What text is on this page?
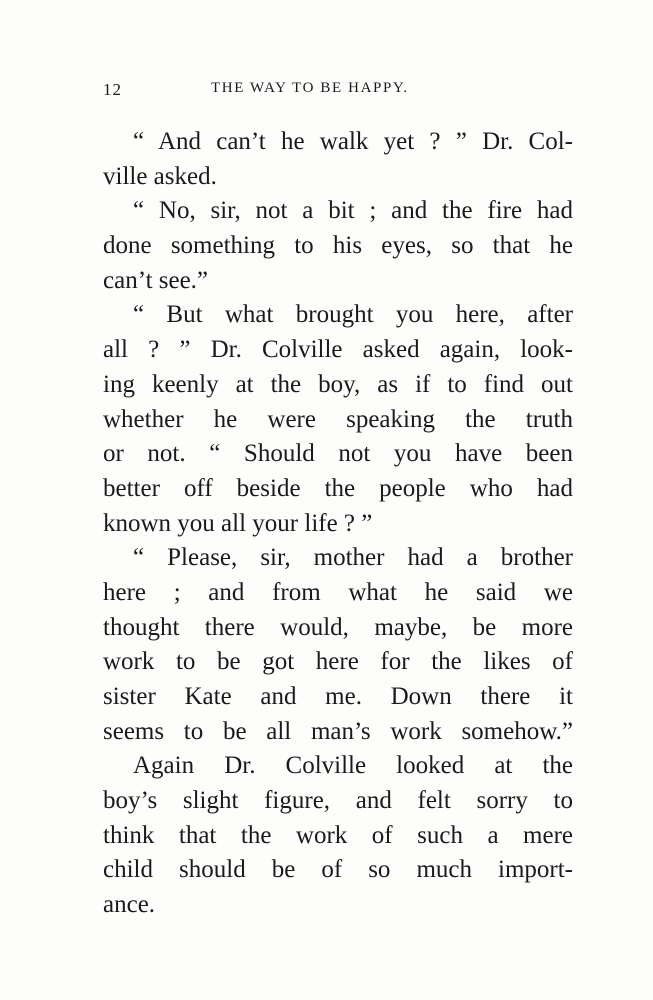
12	THE WAY TO BE HAPPY.
“ And can’t he walk yet ? ” Dr. Col-
ville asked.
“ No, sir, not a bit ; and the fire had
done something to his eyes, so that he
can’t see.”
“ But what brought you here, after
all ? ” Dr. Colville asked again, look-
ing keenly at the boy, as if to find out
whether he were speaking the truth
or not. “ Should not you have been
better off beside the people who had
known you all your life ? ”
“ Please, sir, mother had a brother
here ; and from what he said we
thought there would, maybe, be more
work to be got here for the likes of
sister Kate and me. Down there it
seems to be all man’s work somehow.”
Again Dr. Colville looked at the
boy’s slight figure, and felt sorry to
think that the work of such a mere
child should be of so much import-
ance.
